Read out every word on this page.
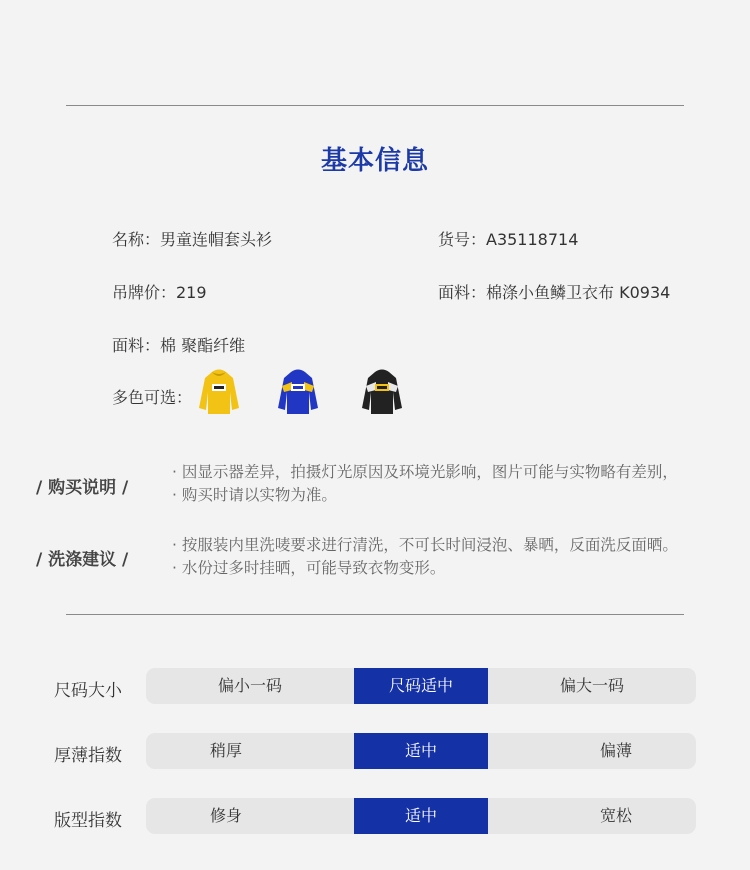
基本信息
名称：男童连帽套头衫	货号：A35118714
吊牌价：219	面料：棉涤小鱼鳞卫衣布 K0934
面料：棉 聚酯纤维
多色可选：
/ 购买说明 /
· 因显示器差异，拍摄灯光原因及环境光影响，图片可能与实物略有差别，
· 购买时请以实物为准。
/ 洗涤建议 /
· 按服装内里洗唛要求进行清洗，不可长时间浸泡、暴晒，反面洗反面晒。
· 水份过多时挂晒，可能导致衣物变形。
尺码大小	偏小一码	尺码适中	偏大一码
厚薄指数	稍厚	适中	偏薄
版型指数	修身	适中	宽松
